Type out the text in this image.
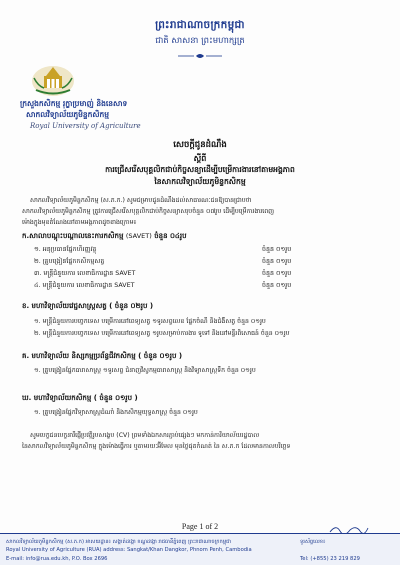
ព្រះរាជាណាចក្រកម្ពុជា
ជាតិ សាសនា ព្រះមហាក្សត្រ
ក្រសួងកសិកម្ម រុក្ខាប្រមាញ់ និងនេសាទ
សាកលវិទ្យាល័យភូមិន្ទកសិកម្ម
Royal University of Agriculture
សេចក្តីជូនដំណឹង
ស្តីពី
ការជ្រើសរើសបុគ្គលិកជាប់កិច្ចសន្យាដើម្បីបម្រើការងារនៅតាមអង្គភាព
នៃសាកលវិទ្យាល័យភូមិន្ទកសិកម្ម
សាកលវិទ្យាល័យភូមិន្ទកសិកម្ម (ស.ភ.ក.) សូមជម្រាបជូនដំណឹងដល់សាធារណៈជនឱ្យបានជ្រាបថា
សាកលវិទ្យាល័យភូមិន្ទកសិកម្ម ត្រូវការជ្រើសរើសបុគ្គលិកជាប់កិច្ចសន្យាសរុបចំនួន ០៧រូប ដើម្បីបម្រើការងារពេញ
ម៉ោងក្នុងមុខតំណែងនៅតាមអង្គភាពដូចខាងក្រោម៖
ក.សាលាបណ្តុះបណ្តាលនេះការកសិកម្ម (SAVET) ចំនួន ០៤រូប
១. អនុប្រធានផ្នែកហិរញ្ញវត្ថុ	ចំនួន ០១រូប
២. គ្រូបង្រៀនផ្នែកកសិកម្មសត្វ	ចំនួន ០១រូប
៣. មន្ត្រីជំនួយការ លេខាធិការដ្ឋាន SAVET	ចំនួន ០១រូប
៤. មន្ត្រីជំនួយការ លេខាធិការដ្ឋាន SAVET	ចំនួន ០១រូប
ខ. មហាវិទ្យាល័យវេជ្ជសាស្ត្រសត្វ ( ចំនួន ០២រូប )
១. មន្ត្រីជំនួយការបច្ចេកទេស បម្រើការនៅពេទ្យសត្វ ១ទូរសព្ទលេខ ផ្នែកចំណី និងជំងឺសត្វ ចំនួន ០១រូប
២. មន្ត្រីជំនួយការបច្ចេកទេស បម្រើការនៅពេទ្យសត្វ ១រូបសម្រាប់ការងារ ទូទៅ និងនៅមន្ទីរពិសោធន៍ ចំនួន ០១រូប
គ. មហាវិទ្យាល័យ និស្សកម្មប្រព័ន្ធជីវកសិកម្ម ( ចំនួន ០១រូប )
១. គ្រូបង្រៀនផ្នែកធារាសាស្ត្រ ១ទូរសព្ទ ជំនាញវិស្វកម្មធារាសាស្ត្រ និងវិទ្យាសាស្ត្រទឹក ចំនួន ០១រូប
ឃ. មហាវិទ្យាល័យកសិកម្ម ( ចំនួន ០១រូប )
១. គ្រូបង្រៀនផ្នែកវិទ្យាសាស្ត្រដំណាំ និងកសិកម្មយុទ្ធសាស្ត្រ ចំនួន ០១រូប
សូមបេក្ខជនបេក្ខនារីផ្ញើប្រវត្តិរូបសង្ខេប (CV) ព្រមទាំងឯកសារភ្ជាប់ផ្សេងៗ មកកាន់ការិយាល័យរដ្ឋបាល
នៃសាកលវិទ្យាល័យភូមិន្ទកសិកម្ម ក្នុងម៉ោងធ្វើការ ឬតាមរយៈអ៊ីមែល មុនថ្ងៃផុតកំណត់ នៃ ស.ភ.ក ដែលមានកាលបរិច្ឆេទ
Page 1 of 2
សាកលវិទ្យាល័យភូមិន្ទកសិកម្ម (ស.ភ.ក) អាសយដ្ឋាន៖ សង្កាត់ដង្កោ ខណ្ឌដង្កោ រាជធានីភ្នំពេញ ព្រះរាជាណាចក្រកម្ពុជា
Royal University of Agriculture (RUA) address: Sangkat/Khan Dangkor, Phnom Penh, Cambodia
E-mail: info@rua.edu.kh, P.O. Box 2696
ទូរស័ព្ទលេខ៖
Tel: (+855) 23 219 829
